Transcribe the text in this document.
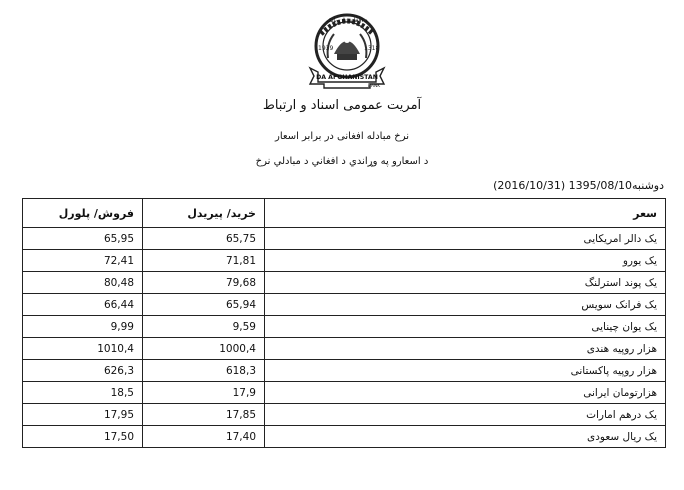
1939	1318
DA AFGHANISTAN
BANK
د افغانستان بانک
آمریت عمومی اسناد و ارتباط
نرخ مبادله افغانی در برابر اسعار
د اسعارو په وړاندي د افغاني د مبادلي نرخ
دوشنبه1395/08/10 (2016/10/31)
فروش/ پلورل	خرید/ پیریدل	سعر
65,95	65,75	یک دالر امریکایی
72,41	71,81	یک یورو
80,48	79,68	یک پوند استرلنگ
66,44	65,94	یک فرانک سویس
9,99	9,59	یک یوان چینایی
1010,4	1000,4	هزار روپیه هندی
626,3	618,3	هزار روپیه پاکستانی
18,5	17,9	هزارتومان ایرانی
17,95	17,85	یک درهم امارات
17,50	17,40	یک ریال سعودی
